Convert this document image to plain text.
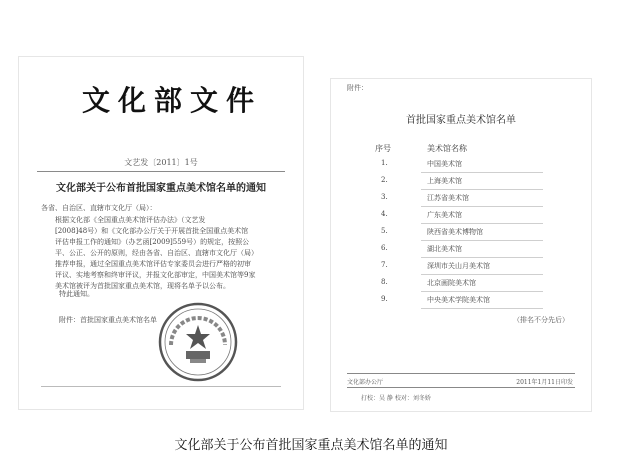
文化部文件
文艺发〔2011〕1号
文化部关于公布首批国家重点美术馆名单的通知
各省、自治区、直辖市文化厅（局）：

根据文化部《全国重点美术馆评估办法》（文艺发

[2008]48号）和《文化部办公厅关于开展首批全国重点美术馆

评估申报工作的通知》（办艺函[2009]559号）的规定，按照公

平、公正、公开的原则，经由各省、自治区、直辖市文化厅（局）

推荐申报，通过全国重点美术馆评估专家委员会进行严格的初审

评议、实地考察和终审评议，并报文化部审定，中国美术馆等9家

美术馆被评为首批国家重点美术馆，现将名单予以公布。

特此通知。
附件：首批国家重点美术馆名单
附件：
首批国家重点美术馆名单
序号	美术馆名称
1.	中国美术馆
2.	上海美术馆
3.	江苏省美术馆
4.	广东美术馆
5.	陕西省美术博物馆
6.	湖北美术馆
7.	深圳市关山月美术馆
8.	北京画院美术馆
9.	中央美术学院美术馆
（排名不分先后）
文化部办公厅	2011年1月11日印发
打校：吴 静 校对：刘冬娇
文化部关于公布首批国家重点美术馆名单的通知
